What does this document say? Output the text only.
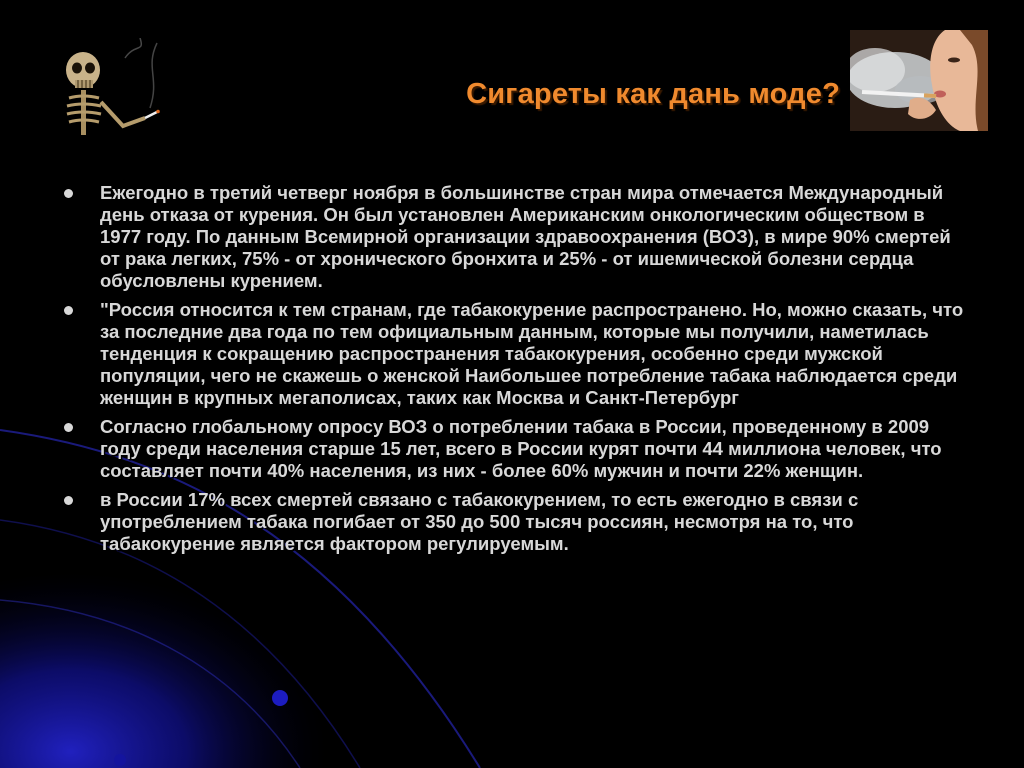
Сигареты как дань моде?
Ежегодно в третий четверг ноября в большинстве стран мира отмечается Международный день отказа от курения. Он был установлен Американским онкологическим обществом в 1977 году. По данным Всемирной организации здравоохранения (ВОЗ), в мире 90% смертей от рака легких, 75% - от хронического бронхита и 25% - от ишемической болезни сердца обусловлены курением.
"Россия относится к тем странам, где табакокурение распространено. Но, можно сказать, что за последние два года по тем официальным данным, которые мы получили, наметилась тенденция к сокращению распространения табакокурения, особенно среди мужской популяции, чего не скажешь о женской Наибольшее потребление табака наблюдается среди женщин в крупных мегаполисах, таких как Москва и Санкт-Петербург
Согласно глобальному опросу ВОЗ о потреблении табака в России, проведенному в 2009 году среди населения старше 15 лет, всего в России курят почти 44 миллиона человек, что составляет почти 40% населения, из них - более 60% мужчин и почти 22% женщин.
в России 17% всех смертей связано с табакокурением, то есть ежегодно в связи с употреблением табака погибает от 350 до 500 тысяч россиян, несмотря на то, что табакокурение является фактором регулируемым.
